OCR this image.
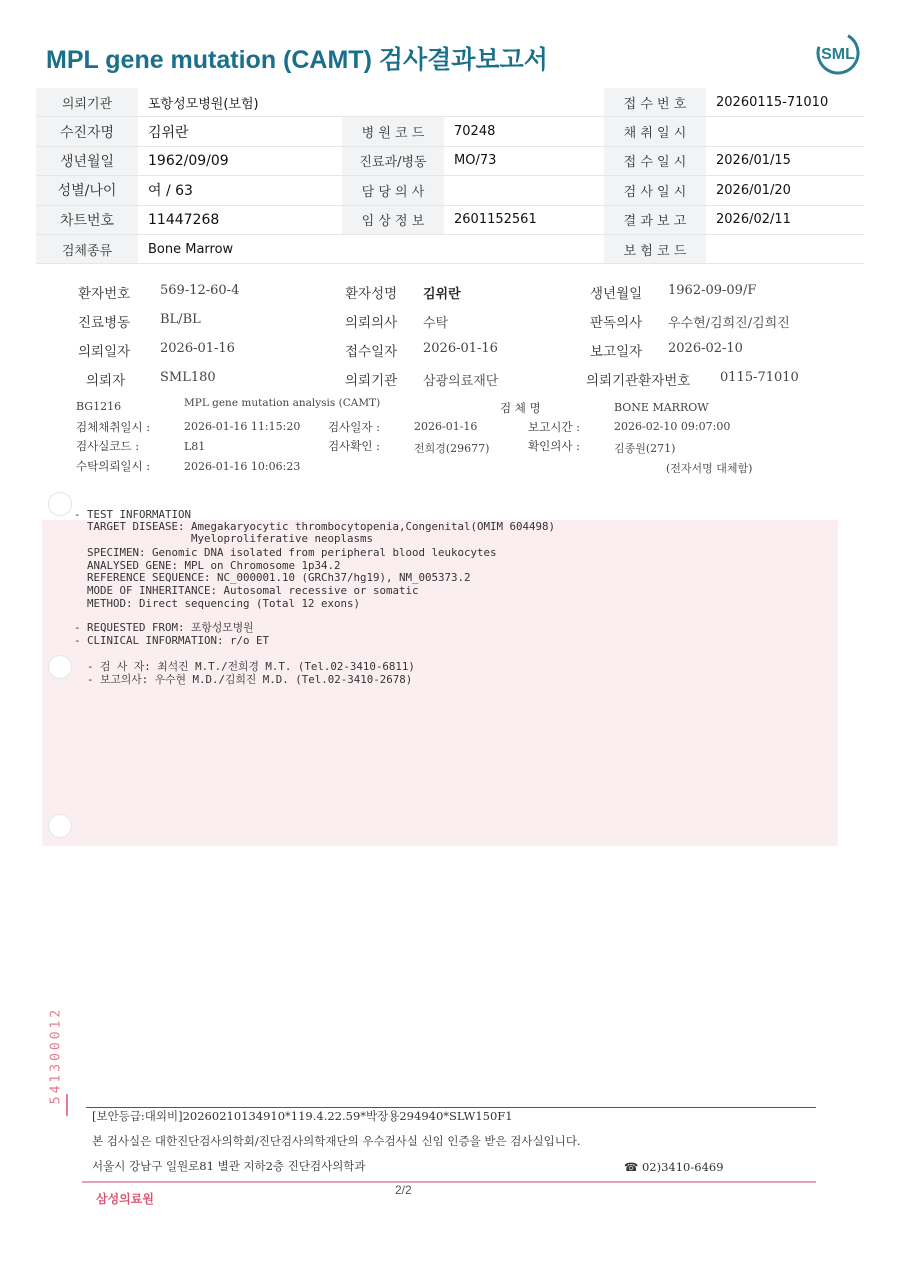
MPL gene mutation (CAMT) 검사결과보고서	SML
의뢰기관	포항성모병원(보험)			접 수 번 호	20260115-71010
수진자명	김위란	병 원 코 드	70248	채 취 일 시	
생년월일	1962/09/09	진료과/병동	MO/73	접 수 일 시	2026/01/15
성별/나이	여 / 63	담 당 의 사		검 사 일 시	2026/01/20
차트번호	11447268	임 상 정 보	2601152561	결 과 보 고	2026/02/11
검체종류	Bone Marrow			보 험 코 드	
환자번호 569-12-60-4	환자성명 김위란	생년월일 1962-09-09/F
진료병동 BL/BL	의뢰의사 수탁	판독의사 우수현/김희진/김희진
의뢰일자 2026-01-16	접수일자 2026-01-16	보고일자 2026-02-10
의뢰자	SML180	의뢰기관 삼광의료재단	의뢰기관환자번호 0115-71010
BG1216	MPL gene mutation analysis (CAMT)	검 체 명	BONE MARROW
검체채취일시 :	2026-01-16 11:15:20 검사일자 :	2026-01-16	보고시간 :	2026-02-10 09:07:00
검사실코드 :	L81	검사확인 :	전희경(29677)	확인의사 :	김종원(271)
수탁의뢰일시 :	2026-01-16 10:06:23	(전자서명 대체함)
- TEST INFORMATION
TARGET DISEASE: Amegakaryocytic thrombocytopenia,Congenital(OMIM 604498)
Myeloproliferative neoplasms
SPECIMEN: Genomic DNA isolated from peripheral blood leukocytes
ANALYSED GENE: MPL on Chromosome 1p34.2
REFERENCE SEQUENCE: NC_000001.10 (GRCh37/hg19), NM_005373.2
MODE OF INHERITANCE: Autosomal recessive or somatic
METHOD: Direct sequencing (Total 12 exons)
- REQUESTED FROM: 포항성모병원
- CLINICAL INFORMATION: r/o ET
- 검 사 자: 최석진 M.T./전희경 M.T. (Tel.02-3410-6811)
- 보고의사: 우수현 M.D./김희진 M.D. (Tel.02-3410-2678)
541300012
[보안등급:대외비]20260210134910*119.4.22.59*박장용294940*SLW150F1
본 검사실은 대한진단검사의학회/진단검사의학재단의 우수검사실 신임 인증을 받은 검사실입니다.
서울시 강남구 일원로81 별관 지하2층 진단검사의학과	☎ 02)3410-6469
삼성의료원
2/2
